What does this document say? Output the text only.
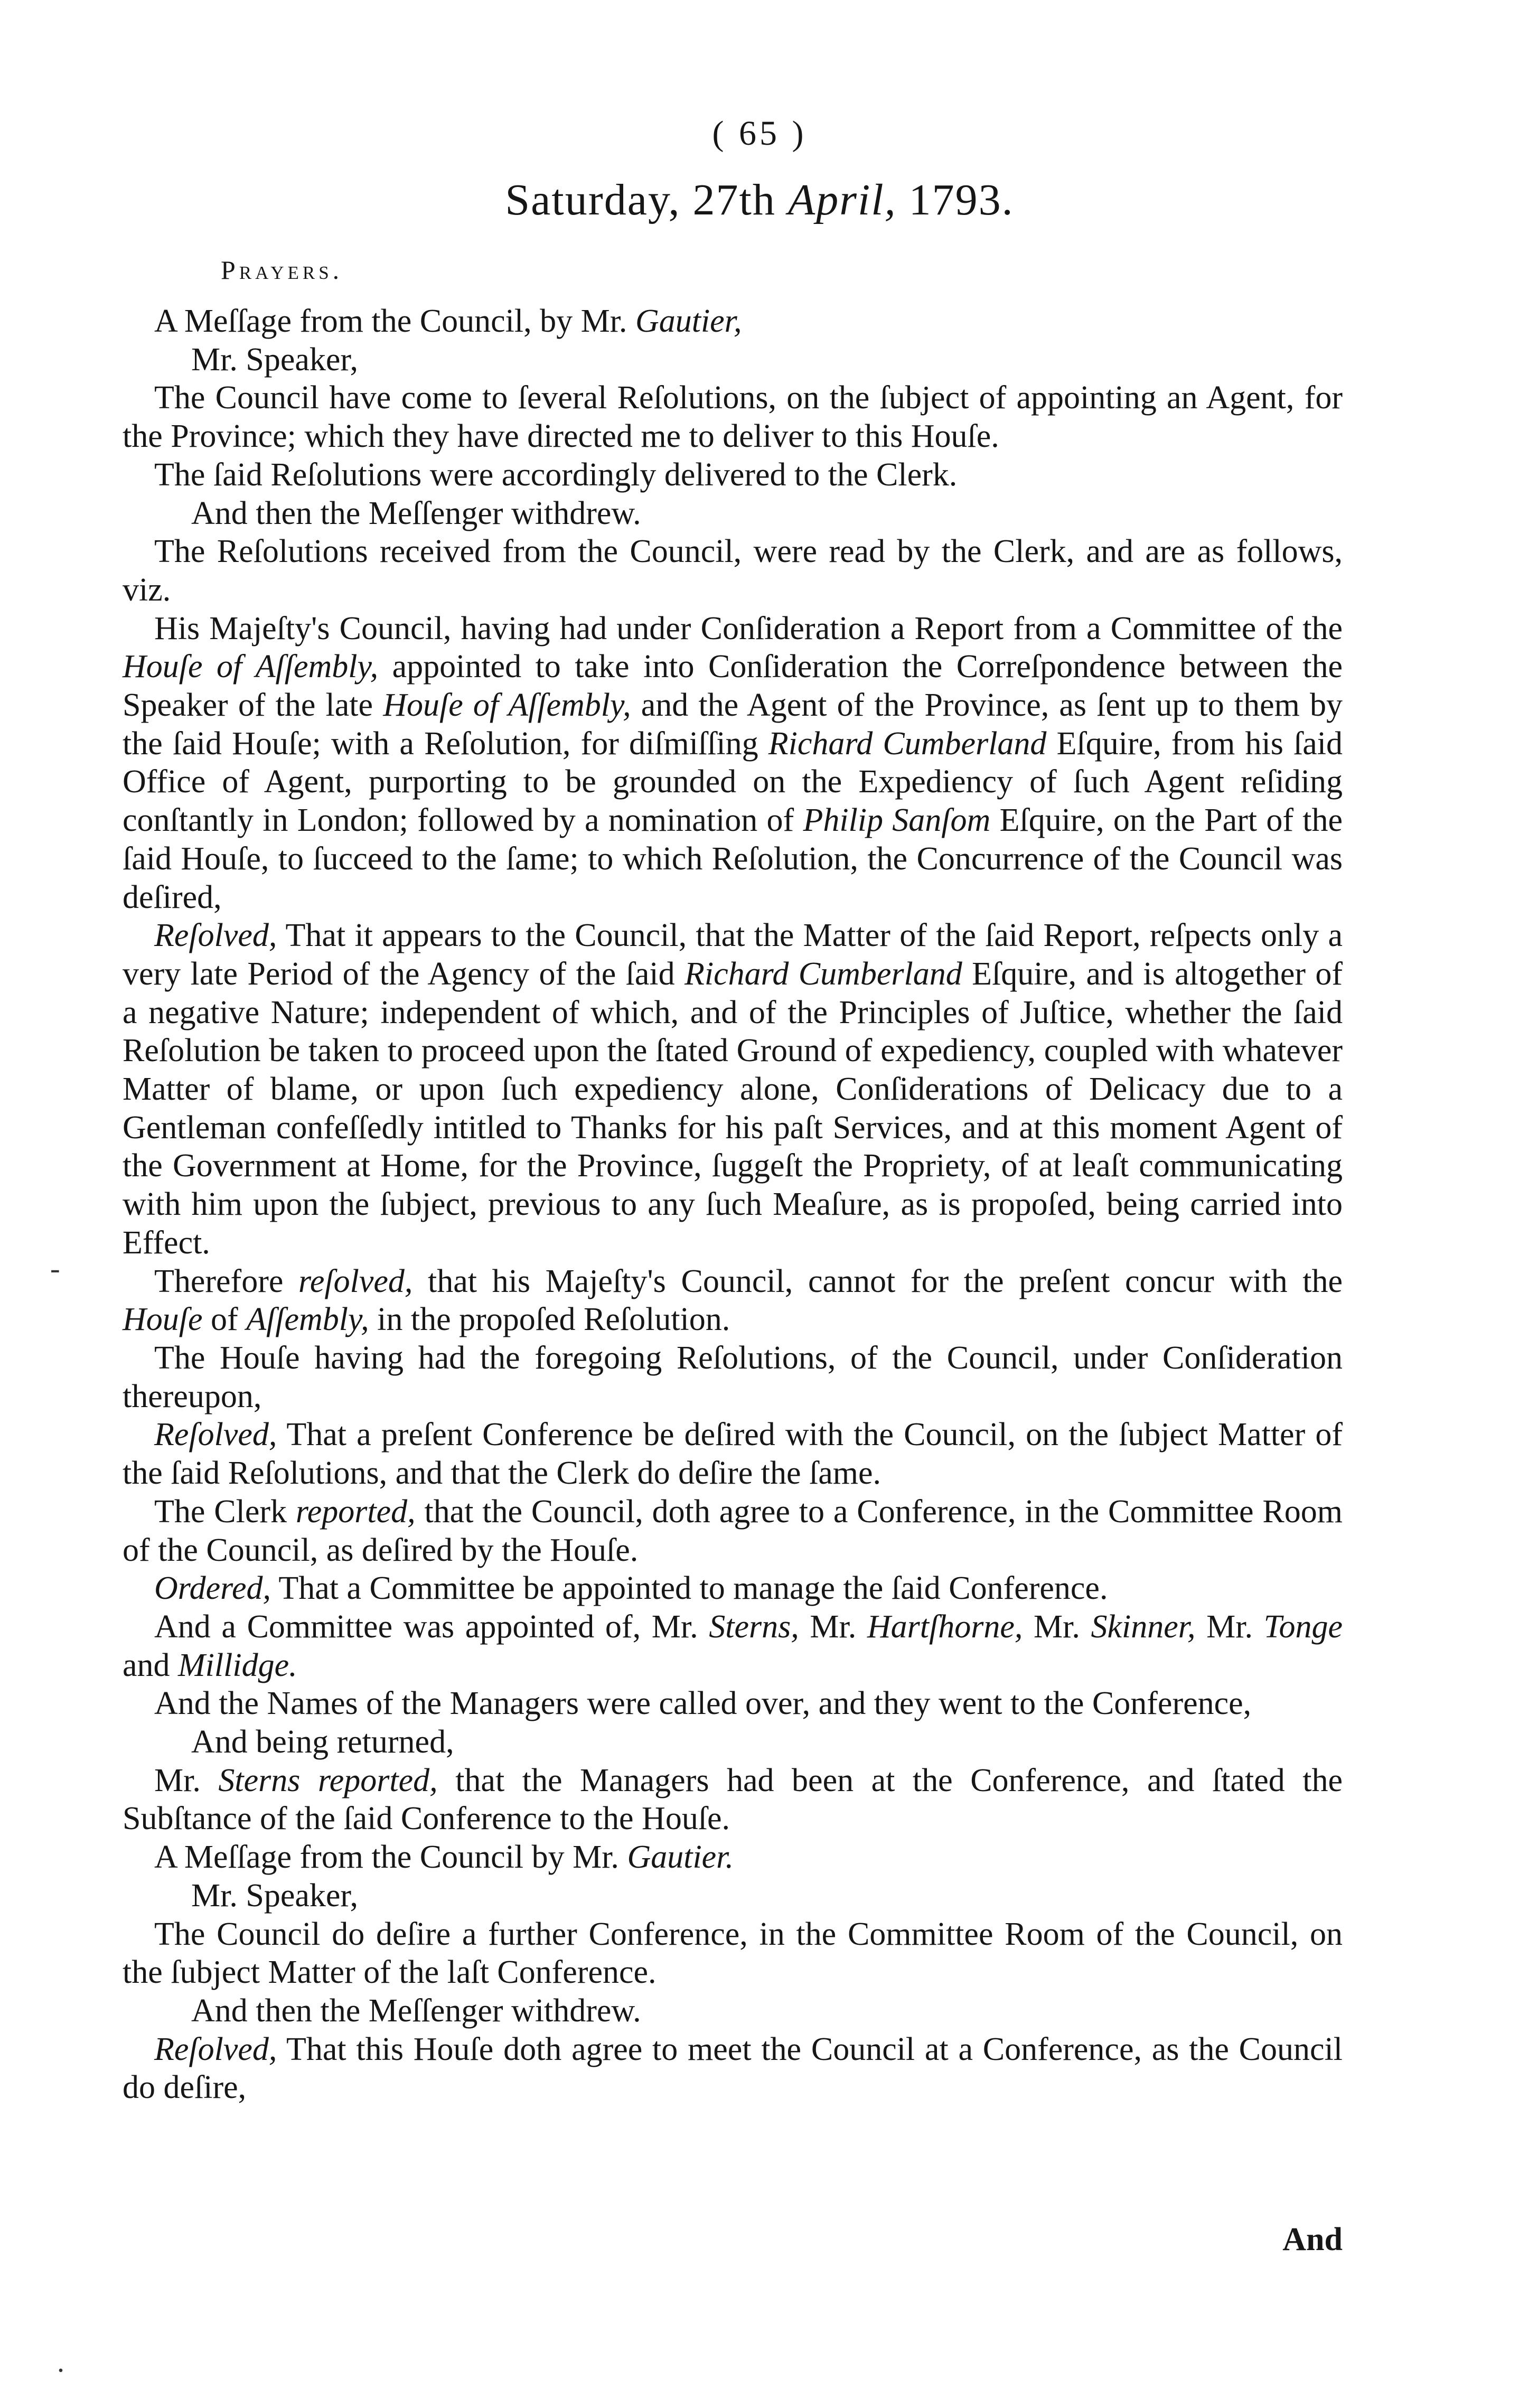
( 65 )
Saturday, 27th April, 1793.
Prayers.

A Meſſage from the Council, by Mr. Gautier,

Mr. Speaker,

The Council have come to ſeveral Reſolutions, on the ſubject of appointing an Agent, for the Province; which they have directed me to deliver to this Houſe.

The ſaid Reſolutions were accordingly delivered to the Clerk.

And then the Meſſenger withdrew.

The Reſolutions received from the Council, were read by the Clerk, and are as follows, viz.

His Majeſty's Council, having had under Conſideration a Report from a Committee of the Houſe of Aſſembly, appointed to take into Conſideration the Correſpondence between the Speaker of the late Houſe of Aſſembly, and the Agent of the Province, as ſent up to them by the ſaid Houſe; with a Reſolution, for diſmiſſing Richard Cumberland Eſquire, from his ſaid Office of Agent, purporting to be grounded on the Expediency of ſuch Agent reſiding conſtantly in London; followed by a nomination of Philip Sanſom Eſquire, on the Part of the ſaid Houſe, to ſucceed to the ſame; to which Reſolution, the Concurrence of the Council was deſired,

Reſolved, That it appears to the Council, that the Matter of the ſaid Report, reſpects only a very late Period of the Agency of the ſaid Richard Cumberland Eſquire, and is altogether of a negative Nature; independent of which, and of the Principles of Juſtice, whether the ſaid Reſolution be taken to proceed upon the ſtated Ground of expediency, coupled with whatever Matter of blame, or upon ſuch expediency alone, Conſiderations of Delicacy due to a Gentleman confeſſedly intitled to Thanks for his paſt Services, and at this moment Agent of the Government at Home, for the Province, ſuggeſt the Propriety, of at leaſt communicating with him upon the ſubject, previous to any ſuch Meaſure, as is propoſed, being carried into Effect.

Therefore reſolved, that his Majeſty's Council, cannot for the preſent concur with the Houſe of Aſſembly, in the propoſed Reſolution.

The Houſe having had the foregoing Reſolutions, of the Council, under Conſideration thereupon,

Reſolved, That a preſent Conference be deſired with the Council, on the ſubject Matter of the ſaid Reſolutions, and that the Clerk do deſire the ſame.

The Clerk reported, that the Council, doth agree to a Conference, in the Committee Room of the Council, as deſired by the Houſe.

Ordered, That a Committee be appointed to manage the ſaid Conference.

And a Committee was appointed of, Mr. Sterns, Mr. Hartſhorne, Mr. Skinner, Mr. Tonge and Millidge.

And the Names of the Managers were called over, and they went to the Conference,

And being returned,

Mr. Sterns reported, that the Managers had been at the Conference, and ſtated the Subſtance of the ſaid Conference to the Houſe.

A Meſſage from the Council by Mr. Gautier.

Mr. Speaker,

The Council do deſire a further Conference, in the Committee Room of the Council, on the ſubject Matter of the laſt Conference.

And then the Meſſenger withdrew.

Reſolved, That this Houſe doth agree to meet the Council at a Conference, as the Council do deſire,

And
-
.
